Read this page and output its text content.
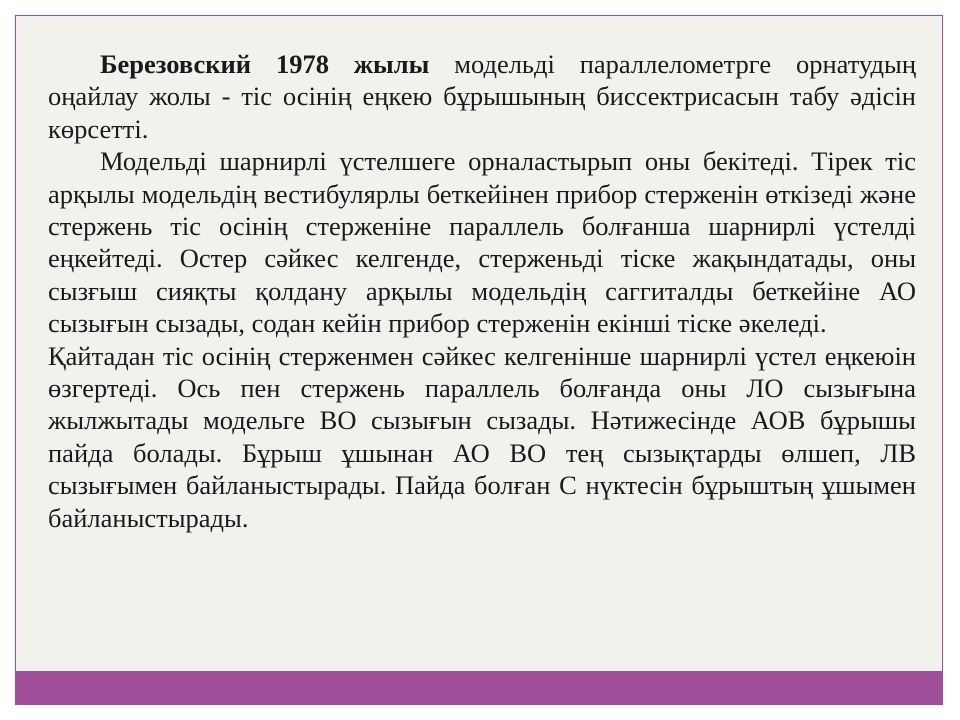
Березовский 1978 жылы модельді параллелометрге орнатудың оңайлау жолы - тіс осінің еңкею бұрышының биссектрисасын табу әдісін көрсетті.

Модельді шарнирлі үстелшеге орналастырып оны бекітеді. Тірек тіс арқылы модельдің вестибулярлы беткейінен прибор стерженін өткізеді және стержень тіс осінің стерженіне параллель болғанша шарнирлі үстелді еңкейтеді. Остер сәйкес келгенде, стерженьді тіске жақындатады, оны сызғыш сияқты қолдану арқылы модельдің саггиталды беткейіне АО сызығын сызады, содан кейін прибор стерженін екінші тіске әкеледі.

Қайтадан тіс осінің стерженмен сәйкес келгенінше шарнирлі үстел еңкеюін өзгертеді. Ось пен стержень параллель болғанда оны ЛО сызығына жылжытады модельге ВО сызығын сызады. Нәтижесінде АОВ бұрышы пайда болады. Бұрыш ұшынан АО ВО тең сызықтарды өлшеп, ЛВ сызығымен байланыстырады. Пайда болған С нүктесін бұрыштың ұшымен байланыстырады.
